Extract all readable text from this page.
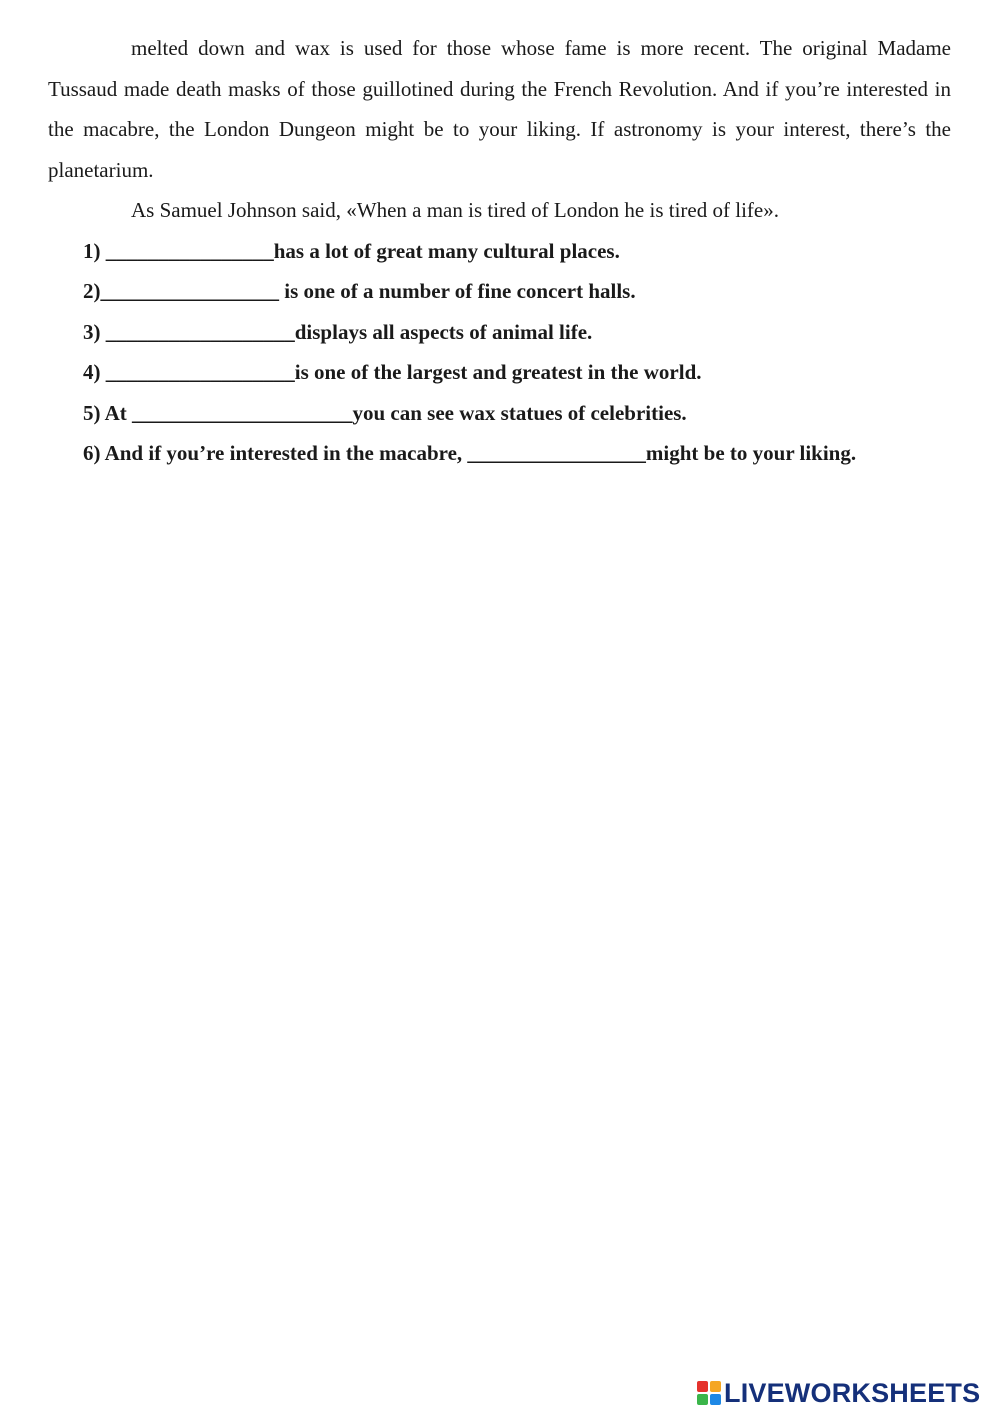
melted down and wax is used for those whose fame is more recent. The original Madame Tussaud made death masks of those guillotined during the French Revolution. And if you’re interested in the macabre, the London Dungeon might be to your liking. If astronomy is your interest, there’s the planetarium.

As Samuel Johnson said, «When a man is tired of London he is tired of life».

1) ________________has a lot of great many cultural places.
2)_________________ is one of a number of fine concert halls.
3) __________________displays all aspects of animal life.
4) __________________is one of the largest and greatest in the world.
5) At _____________________you can see wax statues of celebrities.
6) And if you’re interested in the macabre, _________________might be to your liking.
LIVEWORKSHEETS
